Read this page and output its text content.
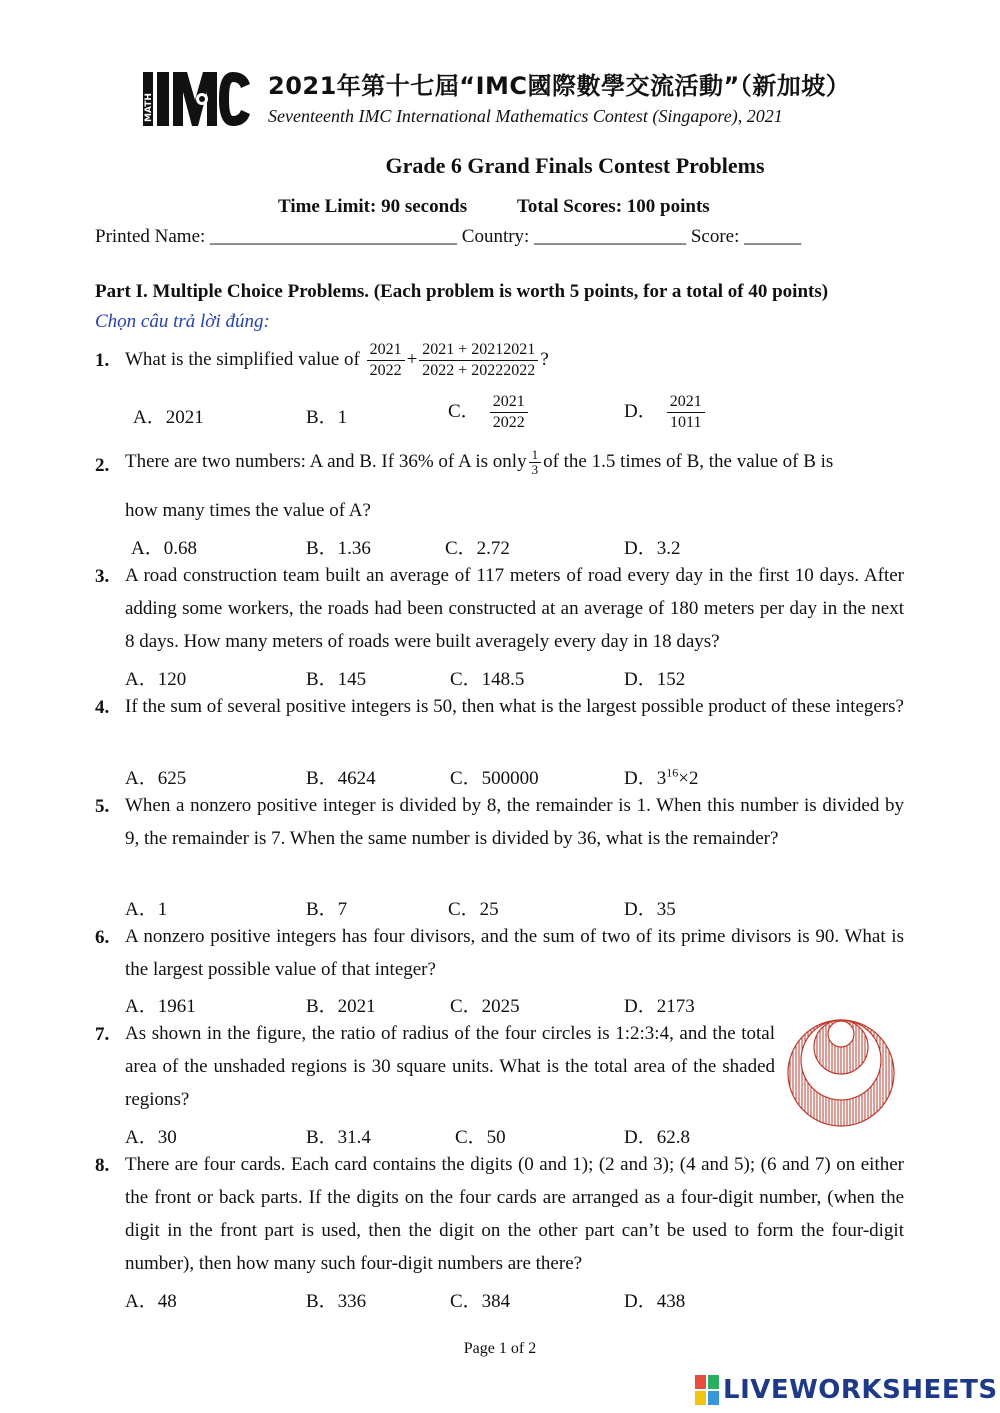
MATH
2021年第十七屆“IMC國際數學交流活動”（新加坡）
Seventeenth IMC International Mathematics Contest (Singapore), 2021
Grade 6 Grand Finals Contest Problems
Time Limit: 90 seconds	Total Scores: 100 points
Printed Name: __________________________ Country: ________________ Score: ______
Part I. Multiple Choice Problems. (Each problem is worth 5 points, for a total of 40 points)
Chọn câu trả lời đúng:
1. What is the simplified value of $\frac{2021}{2022} + \frac{2021 + 20212021}{2022 + 20222022}$ ?
A．2021	B．1	C． $\frac{2021}{2022}$	D． $\frac{2021}{1011}$
2. There are two numbers: A and B. If 36% of A is only $\frac{1}{3}$ of the 1.5 times of B, the value of B is
how many times the value of A?
A．0.68	B．1.36	C．2.72	D．3.2
3. A road construction team built an average of 117 meters of road every day in the first 10 days. After adding some workers, the roads had been constructed at an average of 180 meters per day in the next 8 days. How many meters of roads were built averagely every day in 18 days?
A．120	B．145	C．148.5	D．152
4. If the sum of several positive integers is 50, then what is the largest possible product of these integers?
A．625	B．4624	C．500000	D．$3^{16}\times 2$
5. When a nonzero positive integer is divided by 8, the remainder is 1. When this number is divided by 9, the remainder is 7. When the same number is divided by 36, what is the remainder?
A．1	B．7	C．25	D．35
6. A nonzero positive integers has four divisors, and the sum of two of its prime divisors is 90. What is the largest possible value of that integer?
A．1961	B．2021	C．2025	D．2173
7. As shown in the figure, the ratio of radius of the four circles is 1:2:3:4, and the total area of the unshaded regions is 30 square units. What is the total area of the shaded regions?
A．30	B．31.4	C．50	D．62.8
8. There are four cards. Each card contains the digits (0 and 1); (2 and 3); (4 and 5); (6 and 7) on either the front or back parts. If the digits on the four cards are arranged as a four-digit number, (when the digit in the front part is used, then the digit on the other part can’t be used to form the four-digit number), then how many such four-digit numbers are there?
A．48	B．336	C．384	D．438
Page 1 of 2
LIVEWORKSHEETS
